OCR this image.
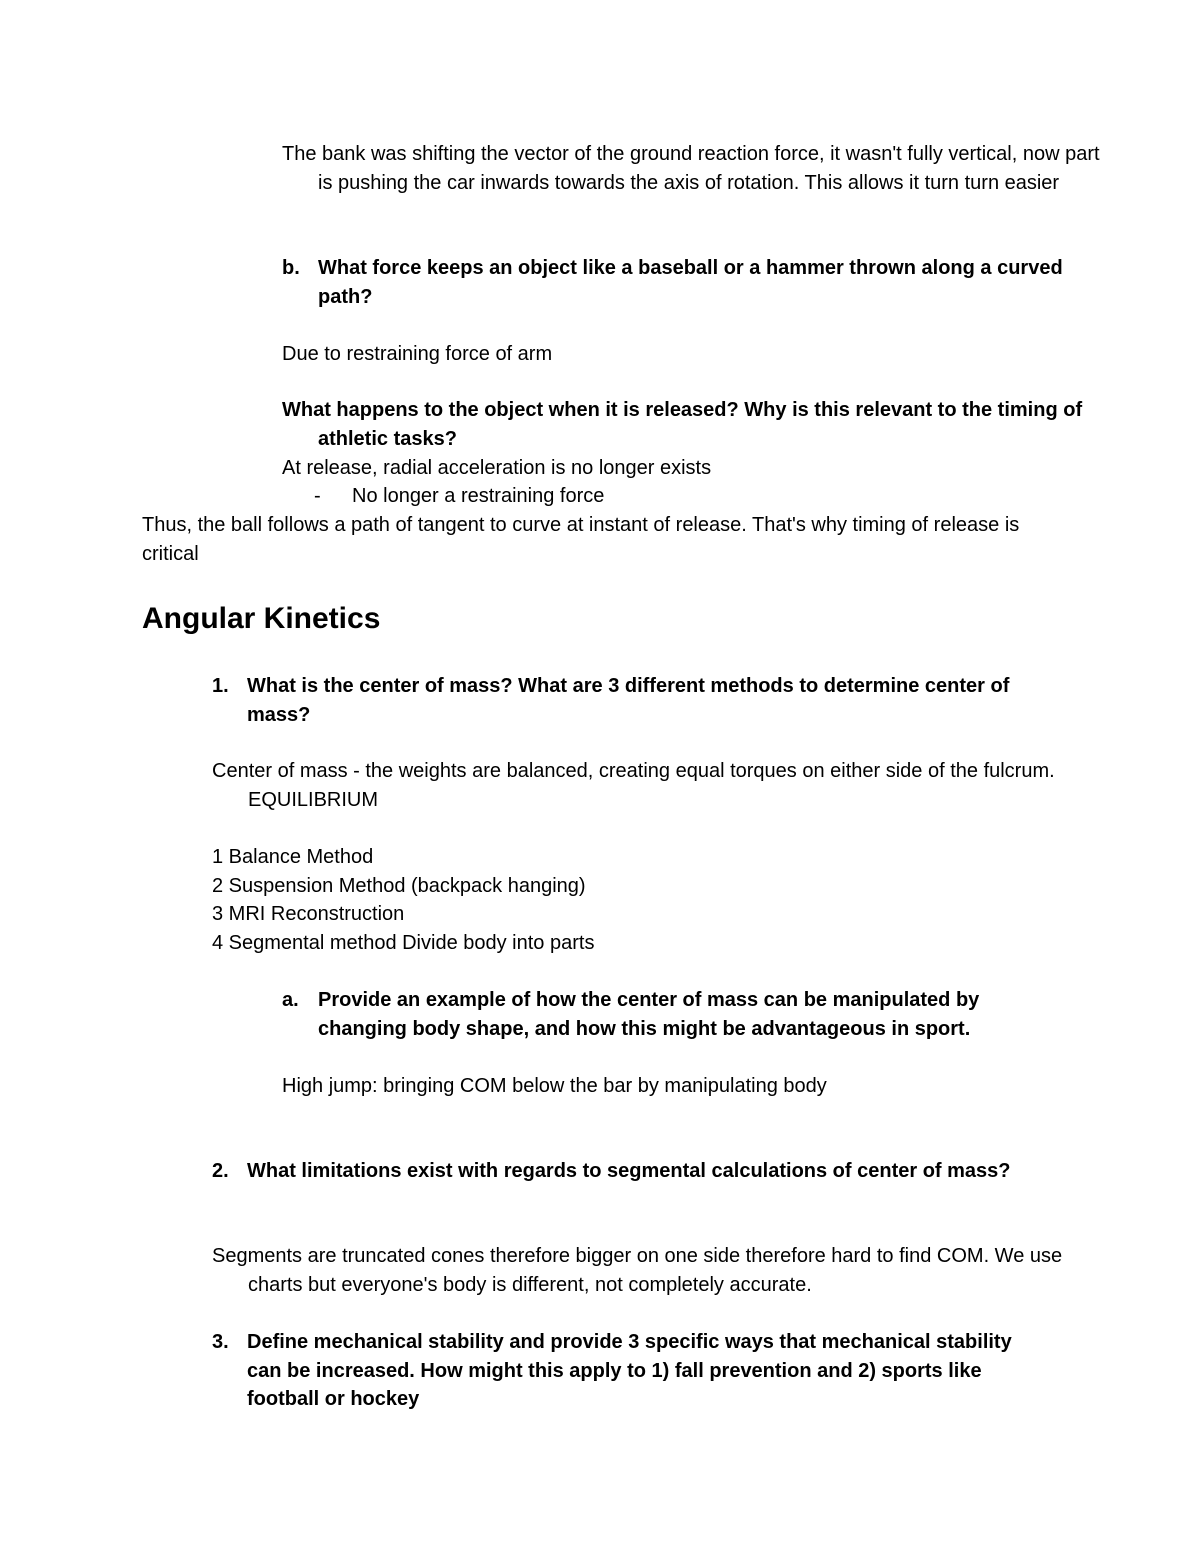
The bank was shifting the vector of the ground reaction force, it wasn't fully vertical, now part is pushing the car inwards towards the axis of rotation. This allows it turn turn easier
b. What force keeps an object like a baseball or a hammer thrown along a curved path?
Due to restraining force of arm
What happens to the object when it is released? Why is this relevant to the timing of athletic tasks?
At release, radial acceleration is no longer exists
- No longer a restraining force
Thus, the ball follows a path of tangent to curve at instant of release. That's why timing of release is critical
Angular Kinetics
1. What is the center of mass? What are 3 different methods to determine center of mass?
Center of mass - the weights are balanced, creating equal torques on either side of the fulcrum. EQUILIBRIUM
1 Balance Method
2 Suspension Method (backpack hanging)
3 MRI Reconstruction
4 Segmental method Divide body into parts
a. Provide an example of how the center of mass can be manipulated by changing body shape, and how this might be advantageous in sport.
High jump: bringing COM below the bar by manipulating body
2. What limitations exist with regards to segmental calculations of center of mass?
Segments are truncated cones therefore bigger on one side therefore hard to find COM. We use charts but everyone's body is different, not completely accurate.
3. Define mechanical stability and provide 3 specific ways that mechanical stability can be increased. How might this apply to 1) fall prevention and 2) sports like football or hockey
